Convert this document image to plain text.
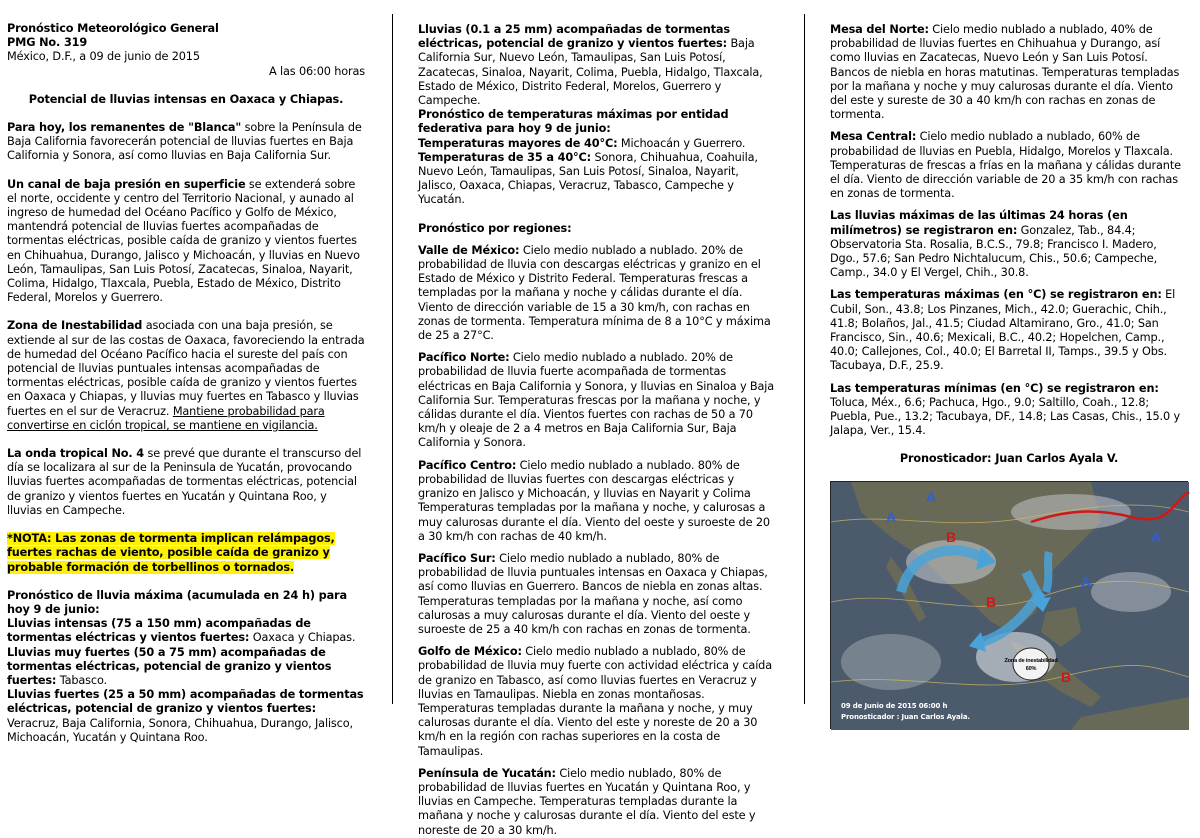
Pronóstico Meteorológico General

PMG No. 319

México, D.F., a 09 de junio de 2015

A las 06:00 horas

Potencial de lluvias intensas en Oaxaca y Chiapas.

Para hoy, los remanentes de "Blanca" sobre la Península de Baja California favorecerán potencial de lluvias fuertes en Baja California y Sonora, así como lluvias en Baja California Sur.

Un canal de baja presión en superficie se extenderá sobre el norte, occidente y centro del Territorio Nacional, y aunado al ingreso de humedad del Océano Pacífico y Golfo de México, mantendrá potencial de lluvias fuertes acompañadas de tormentas eléctricas, posible caída de granizo y vientos fuertes en Chihuahua, Durango, Jalisco y Michoacán, y lluvias en Nuevo León, Tamaulipas, San Luis Potosí, Zacatecas, Sinaloa, Nayarit, Colima, Hidalgo, Tlaxcala, Puebla, Estado de México, Distrito Federal, Morelos y Guerrero.

Zona de Inestabilidad asociada con una baja presión, se extiende al sur de las costas de Oaxaca, favoreciendo la entrada de humedad del Océano Pacífico hacia el sureste del país con potencial de lluvias puntuales intensas acompañadas de tormentas eléctricas, posible caída de granizo y vientos fuertes en Oaxaca y Chiapas, y lluvias muy fuertes en Tabasco y lluvias fuertes en el sur de Veracruz. Mantiene probabilidad para convertirse en ciclón tropical, se mantiene en vigilancia.

La onda tropical No. 4 se prevé que durante el transcurso del día se localizara al sur de la Peninsula de Yucatán, provocando lluvias fuertes acompañadas de tormentas eléctricas, potencial de granizo y vientos fuertes en Yucatán y Quintana Roo, y lluvias en Campeche.

*NOTA: Las zonas de tormenta implican relámpagos, fuertes rachas de viento, posible caída de granizo y probable formación de torbellinos o tornados.

Pronóstico de lluvia máxima (acumulada en 24 h) para hoy 9 de junio:

Lluvias intensas (75 a 150 mm) acompañadas de tormentas eléctricas y vientos fuertes: Oaxaca y Chiapas.

Lluvias muy fuertes (50 a 75 mm) acompañadas de tormentas eléctricas, potencial de granizo y vientos fuertes: Tabasco.

Lluvias fuertes (25 a 50 mm) acompañadas de tormentas eléctricas, potencial de granizo y vientos fuertes: Veracruz, Baja California, Sonora, Chihuahua, Durango, Jalisco, Michoacán, Yucatán y Quintana Roo.

Lluvias (0.1 a 25 mm) acompañadas de tormentas eléctricas, potencial de granizo y vientos fuertes: Baja California Sur, Nuevo León, Tamaulipas, San Luis Potosí, Zacatecas, Sinaloa, Nayarit, Colima, Puebla, Hidalgo, Tlaxcala, Estado de México, Distrito Federal, Morelos, Guerrero y Campeche.

Pronóstico de temperaturas máximas por entidad federativa para hoy 9 de junio:

Temperaturas mayores de 40°C: Michoacán y Guerrero.

Temperaturas de 35 a 40°C: Sonora, Chihuahua, Coahuila, Nuevo León, Tamaulipas, San Luis Potosí, Sinaloa, Nayarit, Jalisco, Oaxaca, Chiapas, Veracruz, Tabasco, Campeche y Yucatán.

Pronóstico por regiones:

Valle de México: Cielo medio nublado a nublado. 20% de probabilidad de lluvia con descargas eléctricas y granizo en el Estado de México y Distrito Federal. Temperaturas frescas a templadas por la mañana y noche y cálidas durante el día. Viento de dirección variable de 15 a 30 km/h, con rachas en zonas de tormenta. Temperatura mínima de 8 a 10°C y máxima de 25 a 27°C.

Pacífico Norte: Cielo medio nublado a nublado. 20% de probabilidad de lluvia fuerte acompañada de tormentas eléctricas en Baja California y Sonora, y lluvias en Sinaloa y Baja California Sur. Temperaturas frescas por la mañana y noche, y cálidas durante el día. Vientos fuertes con rachas de 50 a 70 km/h y oleaje de 2 a 4 metros en Baja California Sur, Baja California y Sonora.

Pacífico Centro: Cielo medio nublado a nublado. 80% de probabilidad de lluvias fuertes con descargas eléctricas y granizo en Jalisco y Michoacán, y lluvias en Nayarit y Colima Temperaturas templadas por la mañana y noche, y calurosas a muy calurosas durante el día. Viento del oeste y suroeste de 20 a 30 km/h con rachas de 40 km/h.

Pacífico Sur: Cielo medio nublado a nublado, 80% de probabilidad de lluvia puntuales intensas en Oaxaca y Chiapas, así como lluvias en Guerrero. Bancos de niebla en zonas altas. Temperaturas templadas por la mañana y noche, así como calurosas a muy calurosas durante el día. Viento del oeste y suroeste de 25 a 40 km/h con rachas en zonas de tormenta.

Golfo de México: Cielo medio nublado a nublado, 80% de probabilidad de lluvia muy fuerte con actividad eléctrica y caída de granizo en Tabasco, así como lluvias fuertes en Veracruz y lluvias en Tamaulipas. Niebla en zonas montañosas. Temperaturas templadas durante la mañana y noche, y muy calurosas durante el día. Viento del este y noreste de 20 a 30 km/h en la región con rachas superiores en la costa de Tamaulipas.

Península de Yucatán: Cielo medio nublado, 80% de probabilidad de lluvias fuertes en Yucatán y Quintana Roo, y lluvias en Campeche. Temperaturas templadas durante la mañana y noche y calurosas durante el día. Viento del este y noreste de 20 a 30 km/h.

Mesa del Norte: Cielo medio nublado a nublado, 40% de probabilidad de lluvias fuertes en Chihuahua y Durango, así como lluvias en Zacatecas, Nuevo León y San Luis Potosí. Bancos de niebla en horas matutinas. Temperaturas templadas por la mañana y noche y muy calurosas durante el día. Viento del este y sureste de 30 a 40 km/h con rachas en zonas de tormenta.

Mesa Central: Cielo medio nublado a nublado, 60% de probabilidad de lluvias en Puebla, Hidalgo, Morelos y Tlaxcala. Temperaturas de frescas a frías en la mañana y cálidas durante el día. Viento de dirección variable de 20 a 35 km/h con rachas en zonas de tormenta.

Las lluvias máximas de las últimas 24 horas (en milímetros) se registraron en: Gonzalez, Tab., 84.4; Observatoria Sta. Rosalia, B.C.S., 79.8; Francisco I. Madero, Dgo., 57.6; San Pedro Nichtalucum, Chis., 50.6; Campeche, Camp., 34.0 y El Vergel, Chih., 30.8.

Las temperaturas máximas (en °C) se registraron en: El Cubil, Son., 43.8; Los Pinzanes, Mich., 42.0; Guerachic, Chih., 41.8; Bolaños, Jal., 41.5; Ciudad Altamirano, Gro., 41.0; San Francisco, Sin., 40.6; Mexicali, B.C., 40.2; Hopelchen, Camp., 40.0; Callejones, Col., 40.0; El Barretal II, Tamps., 39.5 y Obs. Tacubaya, D.F., 25.9.

Las temperaturas mínimas (en °C) se registraron en: Toluca, Méx., 6.6; Pachuca, Hgo., 9.0; Saltillo, Coah., 12.8; Puebla, Pue., 13.2; Tacubaya, DF., 14.8; Las Casas, Chis., 15.0 y Jalapa, Ver., 15.4.

Pronosticador: Juan Carlos Ayala V.

Zona de inestabilidad
60%
A
A
A
A
B
B
B
09 de Junio de 2015 06:00 h
Pronosticador : Juan Carlos Ayala.
